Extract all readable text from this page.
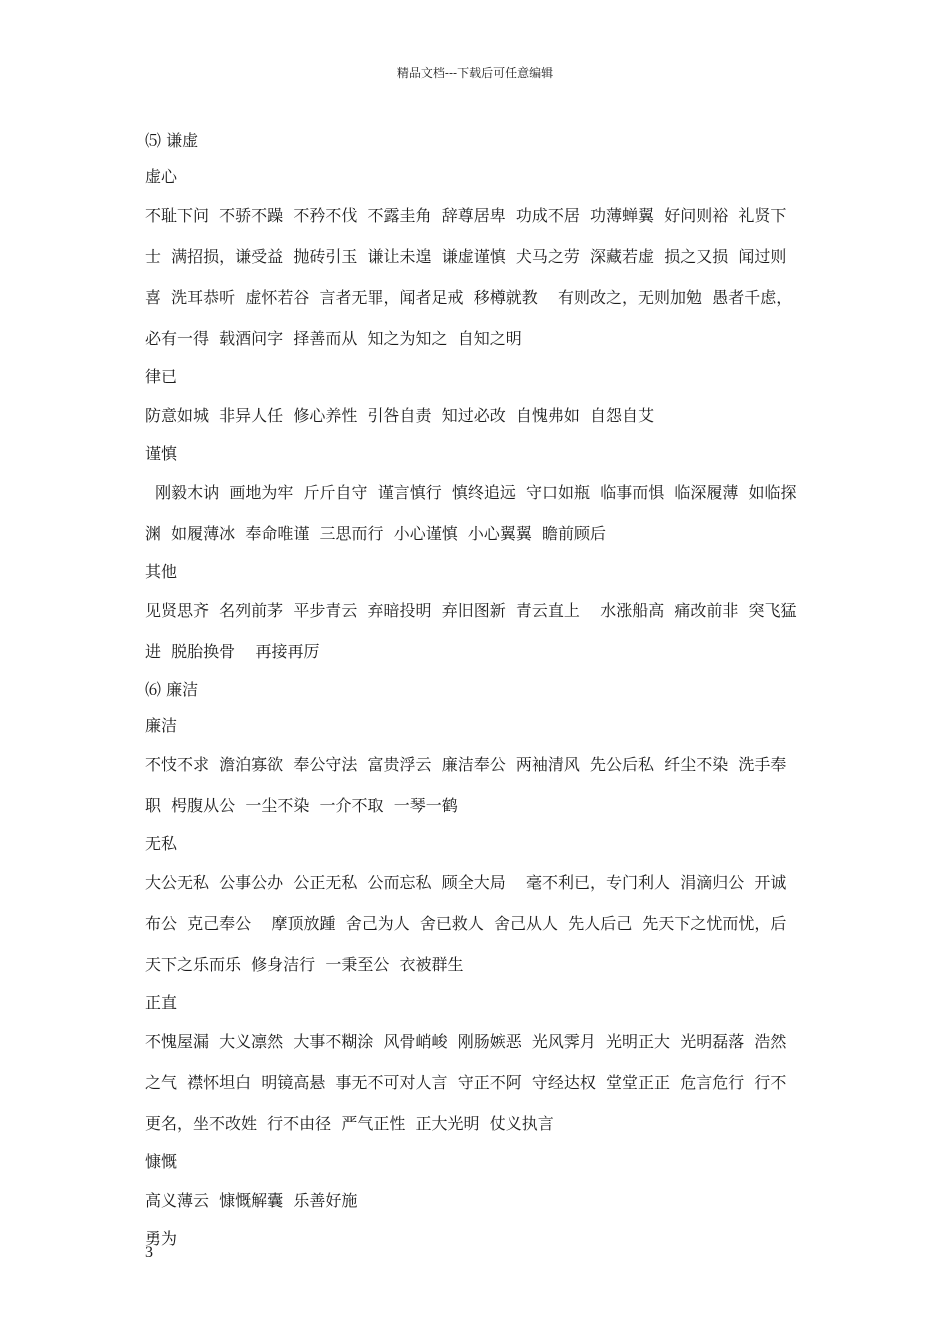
精品文档---下载后可任意编辑
⑸ 谦虚
虚心
不耻下问  不骄不躁  不矜不伐  不露圭角  辞尊居卑  功成不居  功薄蝉翼  好问则裕  礼贤下
士  满招损，谦受益  抛砖引玉  谦让未遑  谦虚谨慎  犬马之劳  深藏若虚  损之又损  闻过则
喜  洗耳恭听  虚怀若谷  言者无罪，闻者足戒  移樽就教    有则改之，无则加勉  愚者千虑，
必有一得  载酒问字  择善而从  知之为知之  自知之明
律已
防意如城  非异人任  修心养性  引咎自责  知过必改  自愧弗如  自怨自艾
谨慎
刚毅木讷  画地为牢  斤斤自守  谨言慎行  慎终追远  守口如瓶  临事而惧  临深履薄  如临探
渊  如履薄冰  奉命唯谨  三思而行  小心谨慎  小心翼翼  瞻前顾后
其他
见贤思齐  名列前茅  平步青云  弃暗投明  弃旧图新  青云直上    水涨船高  痛改前非  突飞猛
进  脱胎换骨    再接再厉
⑹ 廉洁
廉洁
不忮不求  澹泊寡欲  奉公守法  富贵浮云  廉洁奉公  两袖清风  先公后私  纤尘不染  洗手奉
职  枵腹从公  一尘不染  一介不取  一琴一鹤
无私
大公无私  公事公办  公正无私  公而忘私  顾全大局    毫不利已，专门利人  涓滴归公  开诚
布公  克己奉公    摩顶放踵  舍己为人  舍已救人  舍己从人  先人后己  先天下之忧而忧，后
天下之乐而乐  修身洁行  一秉至公  衣被群生
正直
不愧屋漏  大义凛然  大事不糊涂  风骨峭峻  刚肠嫉恶  光风霁月  光明正大  光明磊落  浩然
之气  襟怀坦白  明镜高悬  事无不可对人言  守正不阿  守经达权  堂堂正正  危言危行  行不
更名，坐不改姓  行不由径  严气正性  正大光明  仗义执言
慷慨
高义薄云  慷慨解囊  乐善好施
勇为
3
